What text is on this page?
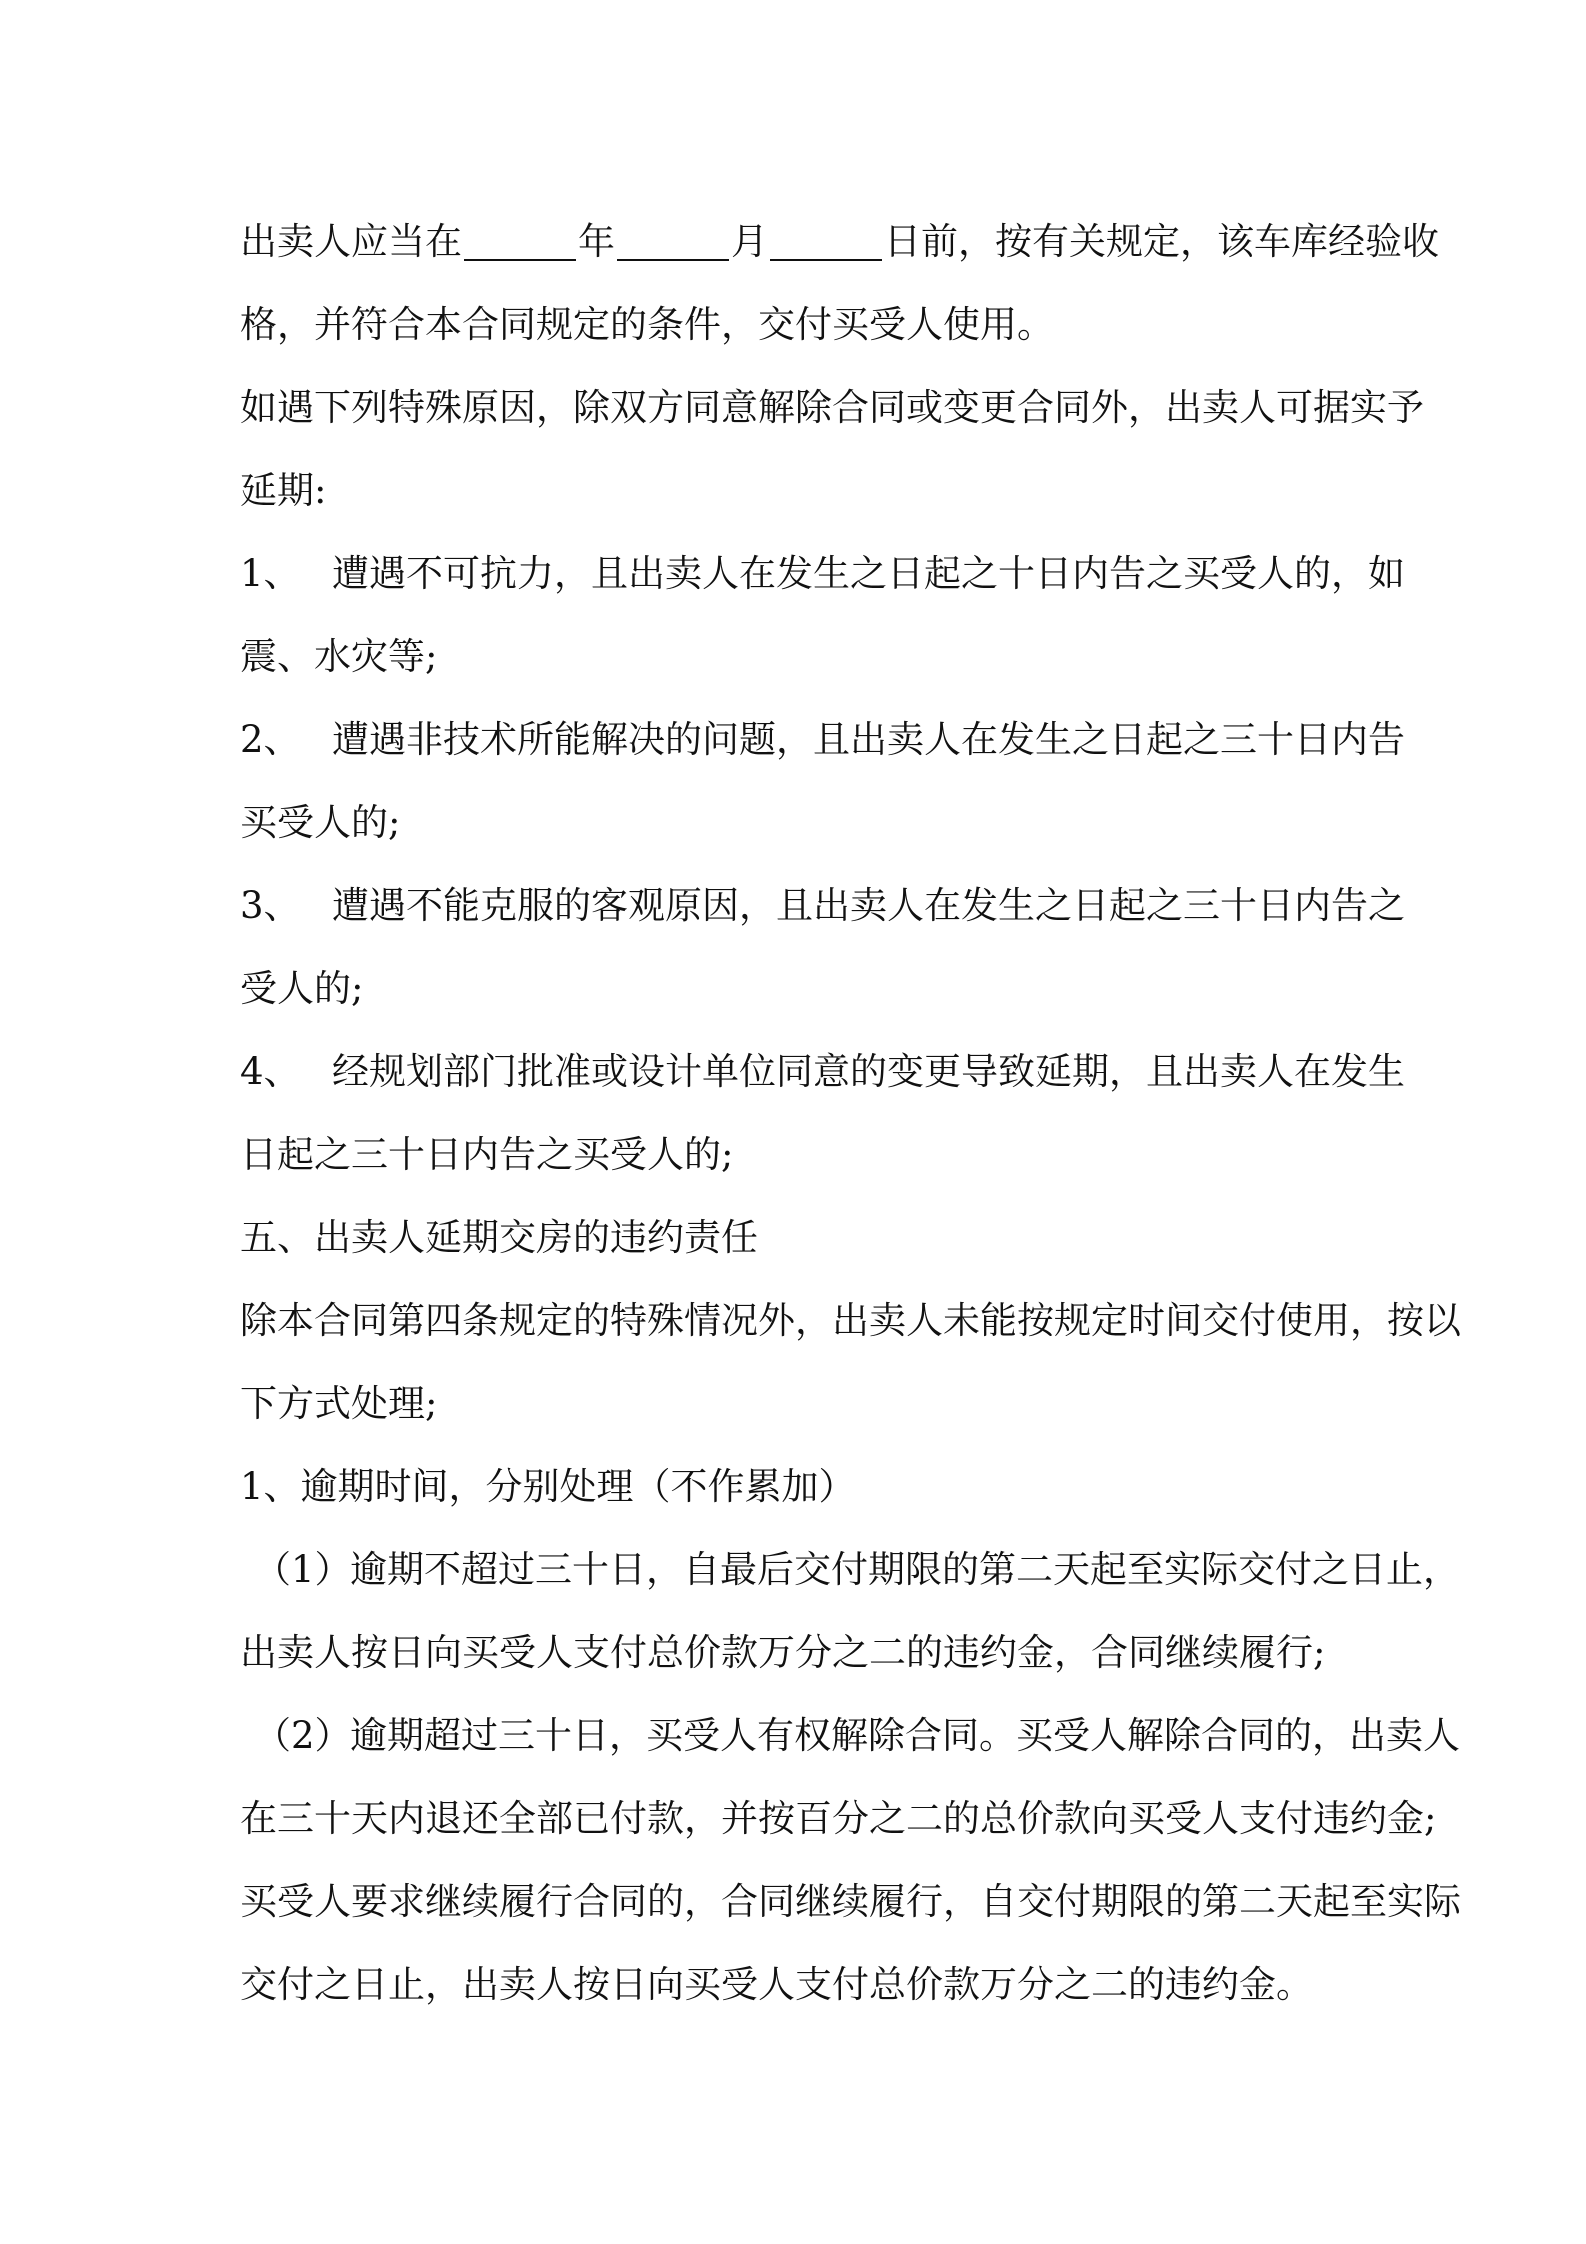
出卖人应当在	年	月	日前，按有关规定，该车库经验收
格，并符合本合同规定的条件，交付买受人使用。
如遇下列特殊原因，除双方同意解除合同或变更合同外，出卖人可据实予
延期:
1、 遭遇不可抗力，且出卖人在发生之日起之十日内告之买受人的，如
震、水灾等;
2、 遭遇非技术所能解决的问题，且出卖人在发生之日起之三十日内告
买受人的;
3、 遭遇不能克服的客观原因，且出卖人在发生之日起之三十日内告之
受人的;
4、 经规划部门批准或设计单位同意的变更导致延期，且出卖人在发生
日起之三十日内告之买受人的;
五、出卖人延期交房的违约责任
除本合同第四条规定的特殊情况外，出卖人未能按规定时间交付使用，按以
下方式处理;
1、逾期时间，分别处理（不作累加）
（1）
逾期不超过三十日，自最后交付期限的第二天起至实际交付之日止，
出卖人按日向买受人支付总价款万分之二的违约金，合同继续履行;
（2）
逾期超过三十日，买受人有权解除合同。买受人解除合同的，出卖人
在三十天内退还全部已付款，并按百分之二的总价款向买受人支付违约金;
买受人要求继续履行合同的，合同继续履行，自交付期限的第二天起至实际
交付之日止，出卖人按日向买受人支付总价款万分之二的违约金。
